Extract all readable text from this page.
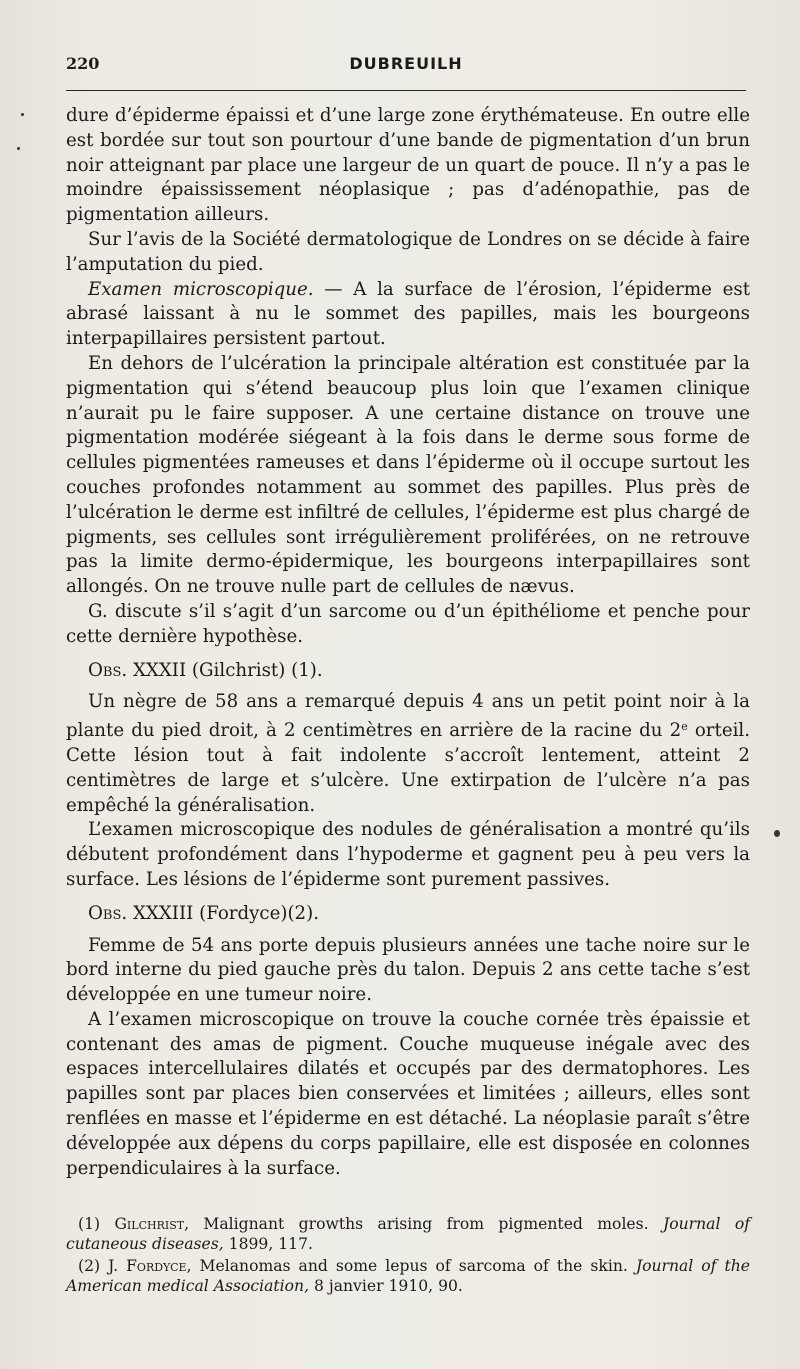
220	DUBREUILH

dure d’épiderme épaissi et d’une large zone érythémateuse. En outre elle est bordée sur tout son pourtour d’une bande de pigmentation d’un brun noir atteignant par place une largeur de un quart de pouce. Il n’y a pas le moindre épaississement néoplasique ; pas d’adénopathie, pas de pigmentation ailleurs.

Sur l’avis de la Société dermatologique de Londres on se décide à faire l’amputation du pied.

Examen microscopique. — A la surface de l’érosion, l’épiderme est abrasé laissant à nu le sommet des papilles, mais les bourgeons interpapillaires persistent partout.

En dehors de l’ulcération la principale altération est constituée par la pigmentation qui s’étend beaucoup plus loin que l’examen clinique n’aurait pu le faire supposer. A une certaine distance on trouve une pigmentation modérée siégeant à la fois dans le derme sous forme de cellules pigmentées rameuses et dans l’épiderme où il occupe surtout les couches profondes notamment au sommet des papilles. Plus près de l’ulcération le derme est infiltré de cellules, l’épiderme est plus chargé de pigments, ses cellules sont irrégulièrement proliférées, on ne retrouve pas la limite dermo-épidermique, les bourgeons interpapillaires sont allongés. On ne trouve nulle part de cellules de nævus.

G. discute s’il s’agit d’un sarcome ou d’un épithéliome et penche pour cette dernière hypothèse.

Obs. XXXII (Gilchrist) (1).

Un nègre de 58 ans a remarqué depuis 4 ans un petit point noir à la plante du pied droit, à 2 centimètres en arrière de la racine du 2e orteil. Cette lésion tout à fait indolente s’accroît lentement, atteint 2 centimètres de large et s’ulcère. Une extirpation de l’ulcère n’a pas empêché la généralisation.

L’examen microscopique des nodules de généralisation a montré qu’ils débutent profondément dans l’hypoderme et gagnent peu à peu vers la surface. Les lésions de l’épiderme sont purement passives.

Obs. XXXIII (Fordyce)(2).

Femme de 54 ans porte depuis plusieurs années une tache noire sur le bord interne du pied gauche près du talon. Depuis 2 ans cette tache s’est développée en une tumeur noire.

A l’examen microscopique on trouve la couche cornée très épaissie et contenant des amas de pigment. Couche muqueuse inégale avec des espaces intercellulaires dilatés et occupés par des dermatophores. Les papilles sont par places bien conservées et limitées ; ailleurs, elles sont renflées en masse et l’épiderme en est détaché. La néoplasie paraît s’être développée aux dépens du corps papillaire, elle est disposée en colonnes perpendiculaires à la surface.

(1) Gilchrist, Malignant growths arising from pigmented moles. Journal of cutaneous diseases, 1899, 117.

(2) J. Fordyce, Melanomas and some lepus of sarcoma of the skin. Journal of the American medical Association, 8 janvier 1910, 90.
